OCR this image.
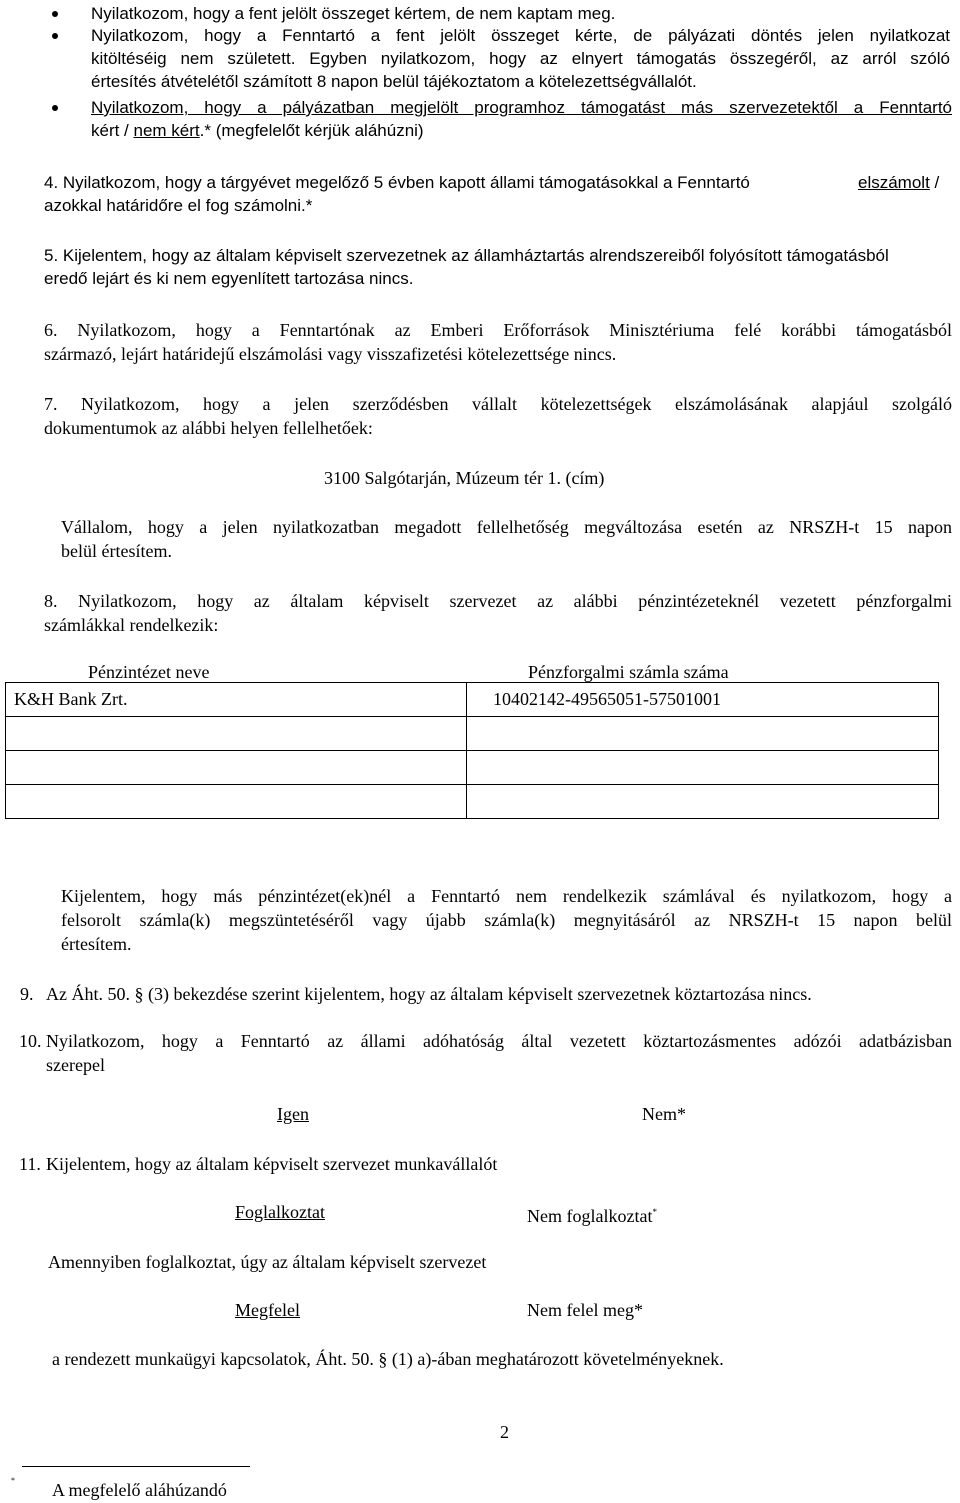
Nyilatkozom, hogy a fent jelölt összeget kértem, de nem kaptam meg.

Nyilatkozom, hogy a Fenntartó a fent jelölt összeget kérte, de pályázati döntés jelen nyilatkozat

kitöltéséig nem született. Egyben nyilatkozom, hogy az elnyert támogatás összegéről, az arról szóló

értesítés átvételétől számított 8 napon belül tájékoztatom a kötelezettségvállalót.

Nyilatkozom, hogy a pályázatban megjelölt programhoz támogatást más szervezetektől a Fenntartó

kért / nem kért.* (megfelelőt kérjük aláhúzni)

4. Nyilatkozom, hogy a tárgyévet megelőző 5 évben kapott állami támogatásokkal a Fenntartó	elszámolt /

azokkal határidőre el fog számolni.*

5. Kijelentem, hogy az általam képviselt szervezetnek az államháztartás alrendszereiből folyósított támogatásból

eredő lejárt és ki nem egyenlített tartozása nincs.

6. Nyilatkozom, hogy a Fenntartónak az Emberi Erőforrások Minisztériuma felé korábbi támogatásból

származó, lejárt határidejű elszámolási vagy visszafizetési kötelezettsége nincs.

7. Nyilatkozom, hogy a jelen szerződésben vállalt kötelezettségek elszámolásának alapjául szolgáló

dokumentumok az alábbi helyen fellelhetőek:

3100 Salgótarján, Múzeum tér 1. (cím)

Vállalom, hogy a jelen nyilatkozatban megadott fellelhetőség megváltozása esetén az NRSZH-t 15 napon

belül értesítem.

8. Nyilatkozom, hogy az általam képviselt szervezet az alábbi pénzintézeteknél vezetett pénzforgalmi

számlákkal rendelkezik:

Pénzintézet neve	Pénzforgalmi számla száma

K&H Bank Zrt.	10402142-49565051-57501001

Kijelentem, hogy más pénzintézet(ek)nél a Fenntartó nem rendelkezik számlával és nyilatkozom, hogy a

felsorolt számla(k) megszüntetéséről vagy újabb számla(k) megnyitásáról az NRSZH-t 15 napon belül

értesítem.

9. Az Áht. 50. § (3) bekezdése szerint kijelentem, hogy az általam képviselt szervezetnek köztartozása nincs.

10. Nyilatkozom, hogy a Fenntartó az állami adóhatóság által vezetett köztartozásmentes adózói adatbázisban

szerepel

Igen	Nem*

11. Kijelentem, hogy az általam képviselt szervezet munkavállalót

Foglalkoztat	Nem foglalkoztat*

Amennyiben foglalkoztat, úgy az általam képviselt szervezet

Megfelel	Nem felel meg*

a rendezett munkaügyi kapcsolatok, Áht. 50. § (1) a)-ában meghatározott követelményeknek.

2

* A megfelelő aláhúzandó
